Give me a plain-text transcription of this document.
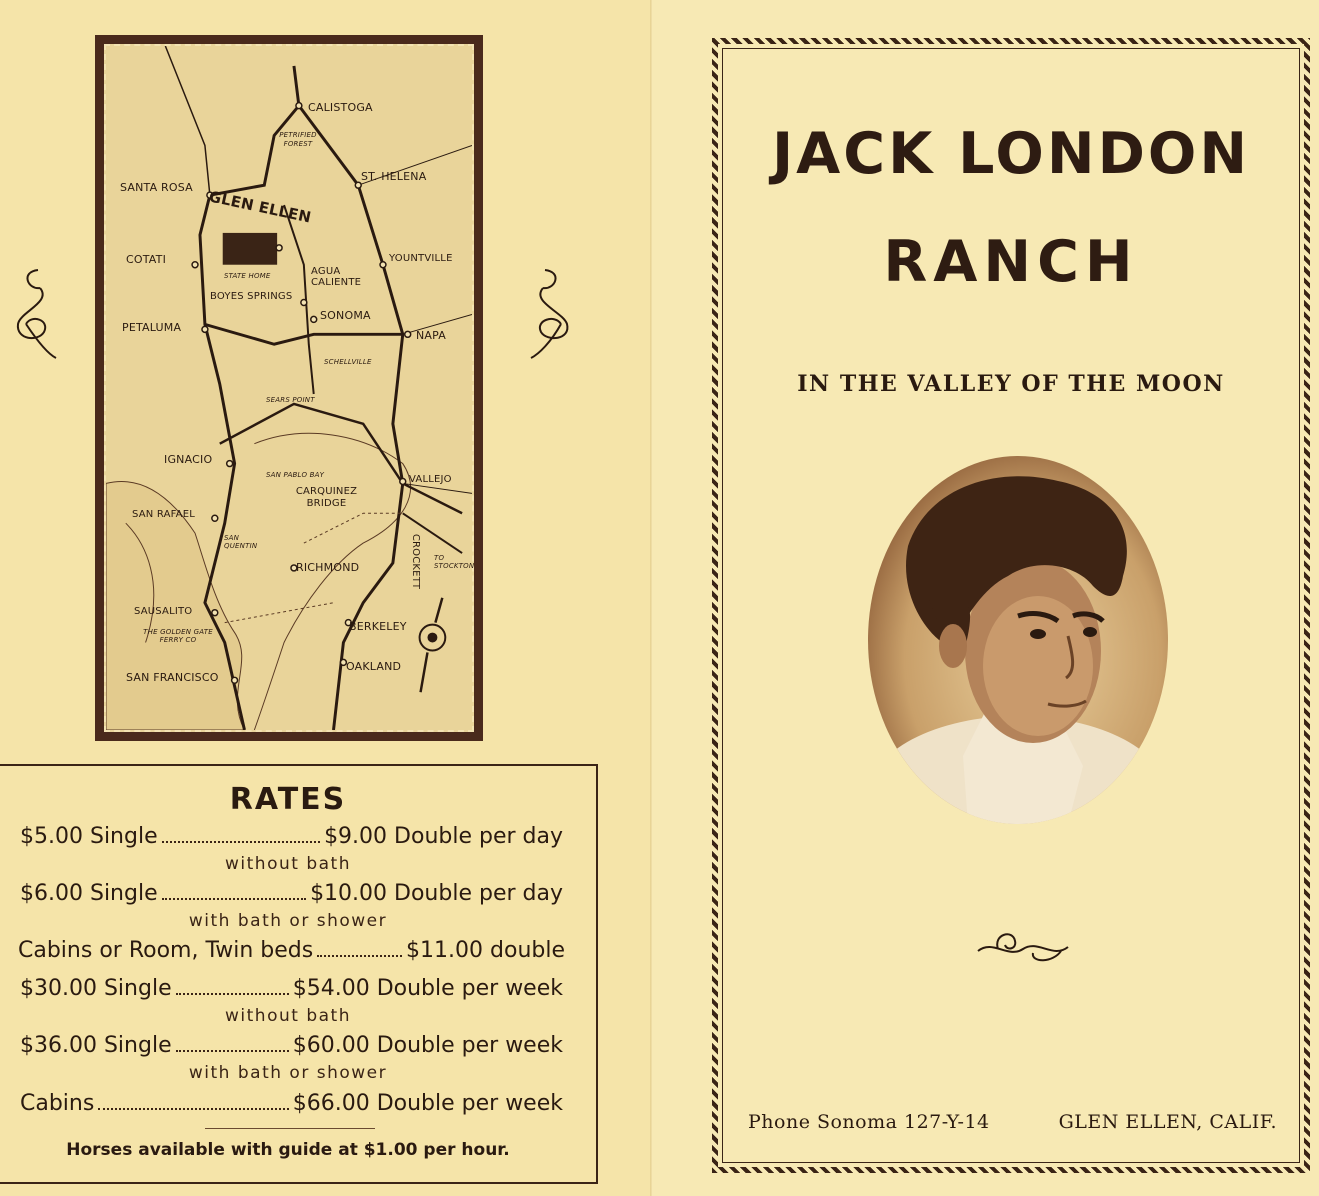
CALISTOGA
PETRIFIED FOREST
ST. HELENA
SANTA ROSA GLEN ELLEN
COTATI
STATE HOME	AGUA CALIENTE
YOUNTVILLE
BOYES SPRINGS
SONOMA
NAPA
PETALUMA
SCHELLVILLE
SEARS POINT
IGNACIO
SAN PABLO BAY	VALLEJO
CARQUINEZ BRIDGE
SAN RAFAEL
SAN QUENTIN	CROCKETT TO STOCKTON
RICHMOND
SAUSALITO
THE GOLDEN GATE FERRY CO
BERKELEY
OAKLAND
SAN FRANCISCO
RATES
$5.00 Single	$9.00 Double per day
without bath
$6.00 Single	$10.00 Double per day
with bath or shower
Cabins or Room, Twin beds	$11.00 double
$30.00 Single	$54.00 Double per week
without bath
$36.00 Single	$60.00 Double per week
with bath or shower
Cabins	$66.00 Double per week
Horses available with guide at $1.00 per hour.
JACK LONDON
RANCH
IN THE VALLEY OF THE MOON
Phone Sonoma 127-Y-14	GLEN ELLEN, CALIF.
